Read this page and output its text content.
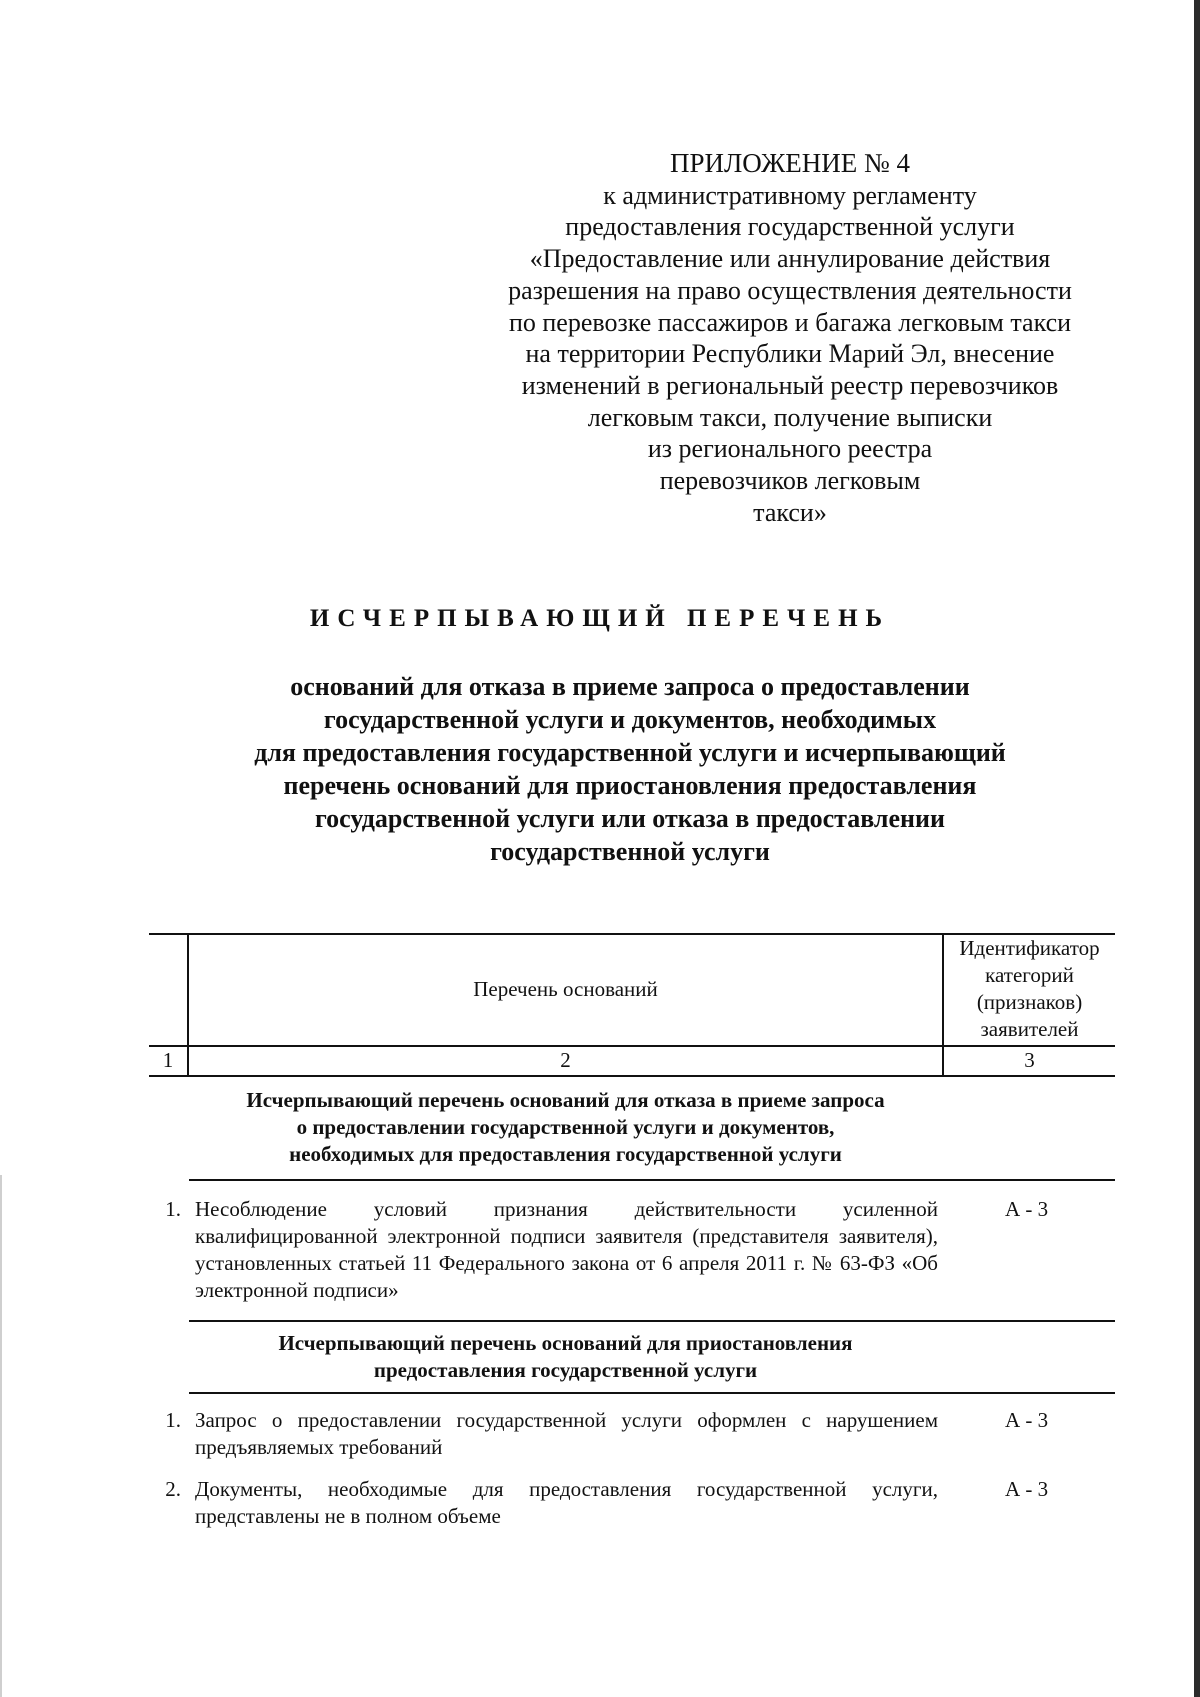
ПРИЛОЖЕНИЕ № 4
к административному регламенту
предоставления государственной услуги
«Предоставление или аннулирование действия
разрешения на право осуществления деятельности
по перевозке пассажиров и багажа легковым такси
на территории Республики Марий Эл, внесение
изменений в региональный реестр перевозчиков
легковым такси, получение выписки
из регионального реестра
перевозчиков легковым
такси»
ИСЧЕРПЫВАЮЩИЙ ПЕРЕЧЕНЬ
оснований для отказа в приеме запроса о предоставлении
государственной услуги и документов, необходимых
для предоставления государственной услуги и исчерпывающий
перечень оснований для приостановления предоставления
государственной услуги или отказа в предоставлении
государственной услуги
Перечень оснований
Идентификатор
категорий
(признаков)
заявителей
1	2	3
Исчерпывающий перечень оснований для отказа в приеме запроса
о предоставлении государственной услуги и документов,
необходимых для предоставления государственной услуги
1. Несоблюдение условий признания действительности усиленной квалифицированной электронной подписи заявителя (представителя заявителя), установленных статьей 11 Федерального закона от 6 апреля 2011 г. № 63-ФЗ «Об электронной подписи»
А - 3
Исчерпывающий перечень оснований для приостановления
предоставления государственной услуги
1. Запрос о предоставлении государственной услуги оформлен с нарушением предъявляемых требований
А - 3
2. Документы, необходимые для предоставления государственной услуги, представлены не в полном объеме
А - 3
